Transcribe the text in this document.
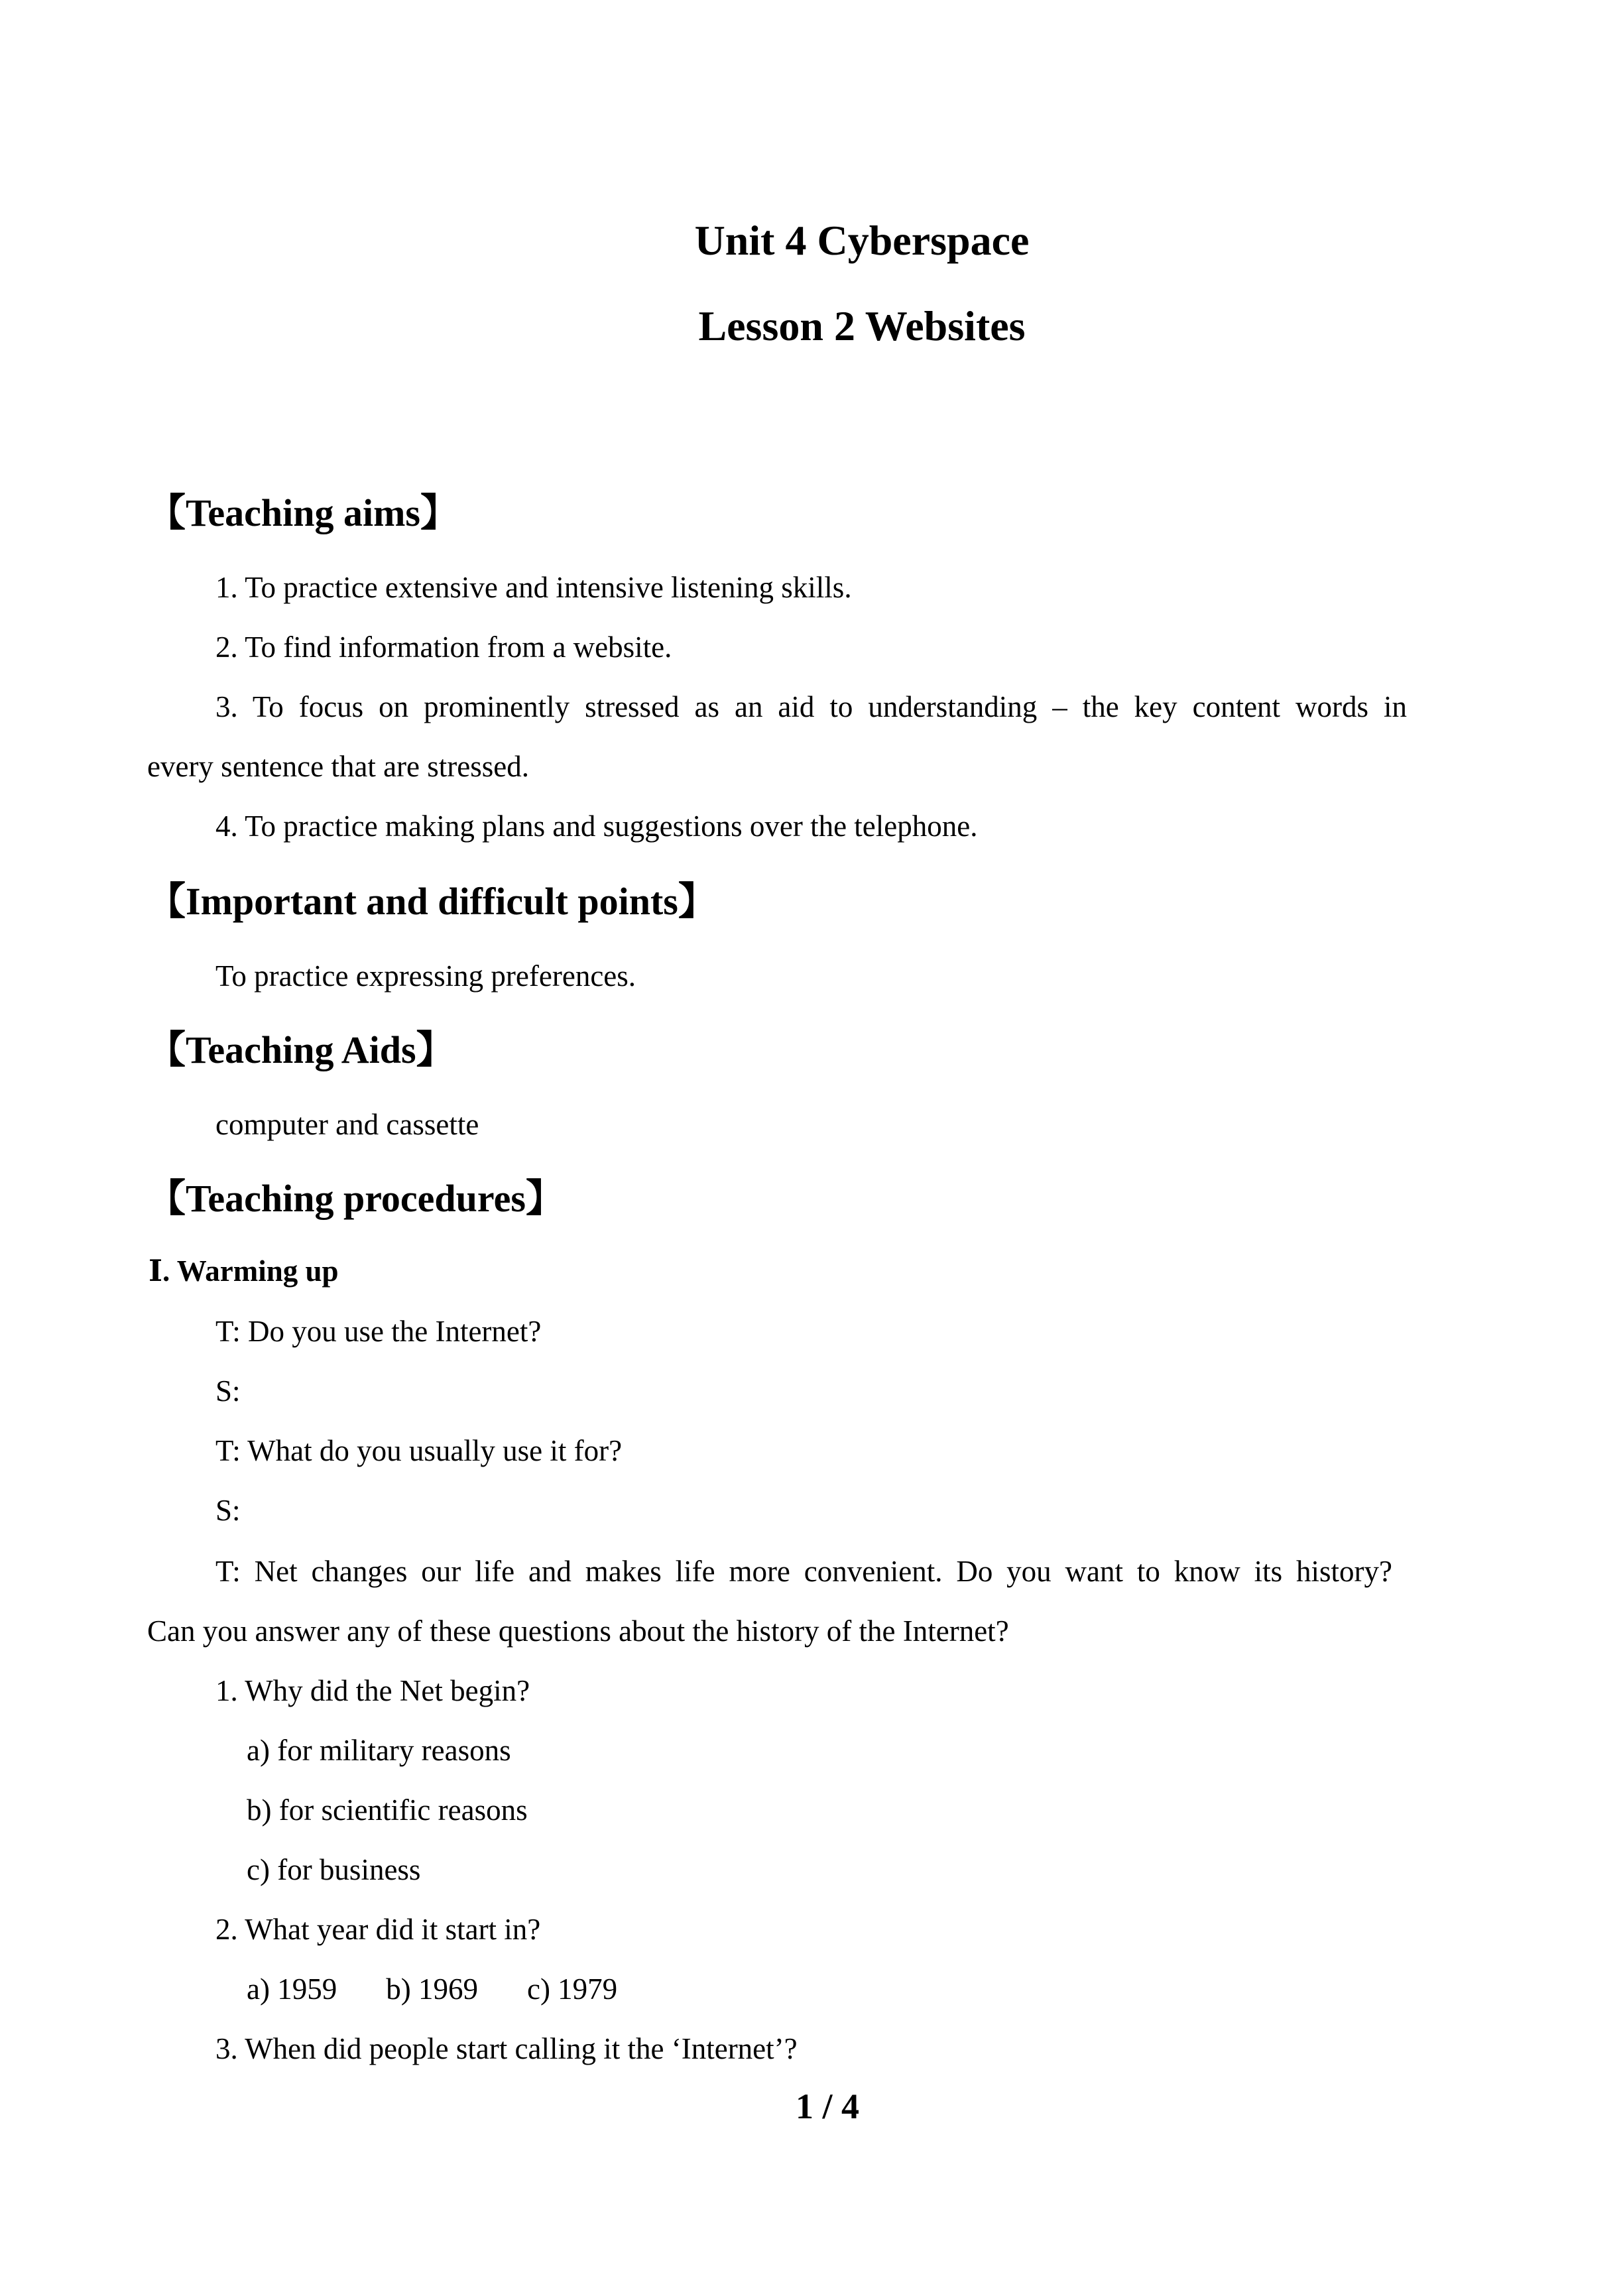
Unit 4 Cyberspace
Lesson 2 Websites
【Teaching aims】
1. To practice extensive and intensive listening skills.
2. To find information from a website.
3. To focus on prominently stressed as an aid to understanding – the key content words in
every sentence that are stressed.
4. To practice making plans and suggestions over the telephone.
【Important and difficult points】
To practice expressing preferences.
【Teaching Aids】
computer and cassette
【Teaching procedures】
Ⅰ. Warming up
T: Do you use the Internet?
S:
T: What do you usually use it for?
S:
T: Net changes our life and makes life more convenient. Do you want to know its history?
Can you answer any of these questions about the history of the Internet?
1. Why did the Net begin?
a) for military reasons
b) for scientific reasons
c) for business
2. What year did it start in?
a) 1959 b) 1969 c) 1979
3. When did people start calling it the ‘Internet’?
1 / 4
